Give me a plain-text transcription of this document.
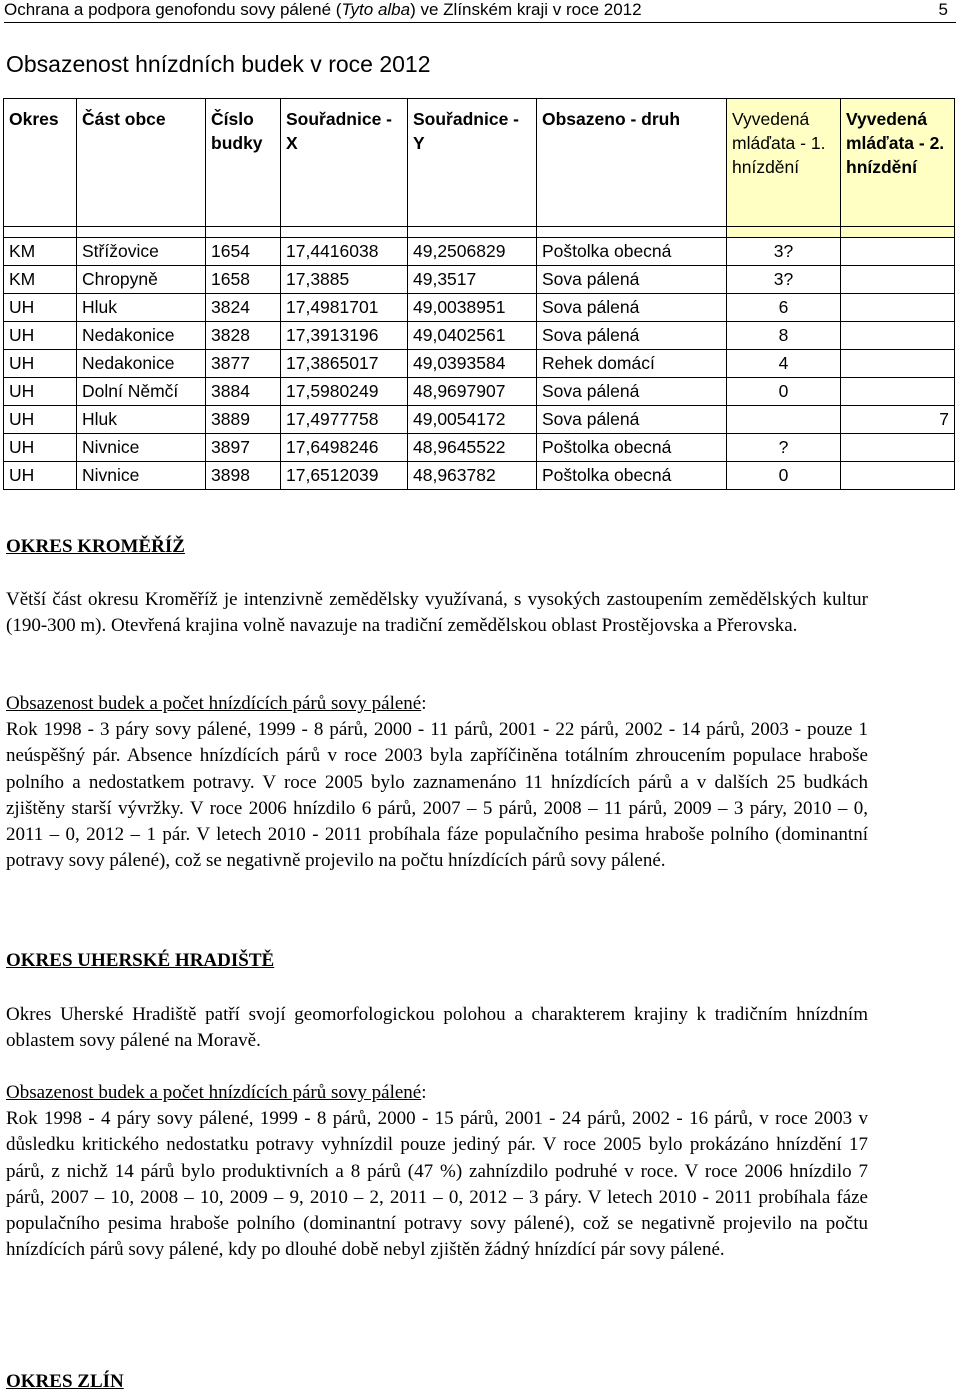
Ochrana a podpora genofondu sovy pálené (Tyto alba) ve Zlínském kraji v roce 2012	5
Obsazenost hnízdních budek v roce 2012
Okres	Část obce	Číslo budky	Souřadnice - X	Souřadnice - Y	Obsazeno - druh	Vyvedená mláďata - 1. hnízdění	Vyvedená mláďata - 2. hnízdění

KM	Střížovice	1654	17,4416038	49,2506829	Poštolka obecná	3?	
KM	Chropyně	1658	17,3885	49,3517	Sova pálená	3?	
UH	Hluk	3824	17,4981701	49,0038951	Sova pálená	6	
UH	Nedakonice	3828	17,3913196	49,0402561	Sova pálená	8	
UH	Nedakonice	3877	17,3865017	49,0393584	Rehek domácí	4	
UH	Dolní Němčí	3884	17,5980249	48,9697907	Sova pálená	0	
UH	Hluk	3889	17,4977758	49,0054172	Sova pálená		7
UH	Nivnice	3897	17,6498246	48,9645522	Poštolka obecná	?	
UH	Nivnice	3898	17,6512039	48,963782	Poštolka obecná	0	
OKRES KROMĚŘÍŽ

Větší část okresu Kroměříž je intenzivně zemědělsky využívaná, s vysokých zastoupením zemědělských kultur (190-300 m). Otevřená krajina volně navazuje na tradiční zemědělskou oblast Prostějovska a Přerovska.

Obsazenost budek a počet hnízdících párů sovy pálené:
Rok 1998 - 3 páry sovy pálené, 1999 - 8 párů, 2000 - 11 párů, 2001 - 22 párů, 2002 - 14 párů, 2003 - pouze 1 neúspěšný pár. Absence hnízdících párů v roce 2003 byla zapříčiněna totálním zhroucením populace hraboše polního a nedostatkem potravy. V roce 2005 bylo zaznamenáno 11 hnízdících párů a v dalších 25 budkách zjištěny starší vývržky. V roce 2006 hnízdilo 6 párů, 2007 – 5 párů, 2008 – 11 párů, 2009 – 3 páry, 2010 – 0, 2011 – 0, 2012 – 1 pár. V letech 2010 - 2011 probíhala fáze populačního pesima hraboše polního (dominantní potravy sovy pálené), což se negativně projevilo na počtu hnízdících párů sovy pálené.

OKRES UHERSKÉ HRADIŠTĚ

Okres Uherské Hradiště patří svojí geomorfologickou polohou a charakterem krajiny k tradičním hnízdním oblastem sovy pálené na Moravě.

Obsazenost budek a počet hnízdících párů sovy pálené:
Rok 1998 - 4 páry sovy pálené, 1999 - 8 párů, 2000 - 15 párů, 2001 - 24 párů, 2002 - 16 párů, v roce 2003 v důsledku kritického nedostatku potravy vyhnízdil pouze jediný pár. V roce 2005 bylo prokázáno hnízdění 17 párů, z nichž 14 párů bylo produktivních a 8 párů (47 %) zahnízdilo podruhé v roce. V roce 2006 hnízdilo 7 párů, 2007 – 10, 2008 – 10, 2009 – 9, 2010 – 2, 2011 – 0, 2012 – 3 páry. V letech 2010 - 2011 probíhala fáze populačního pesima hraboše polního (dominantní potravy sovy pálené), což se negativně projevilo na počtu hnízdících párů sovy pálené, kdy po dlouhé době nebyl zjištěn žádný hnízdící pár sovy pálené.

OKRES ZLÍN
